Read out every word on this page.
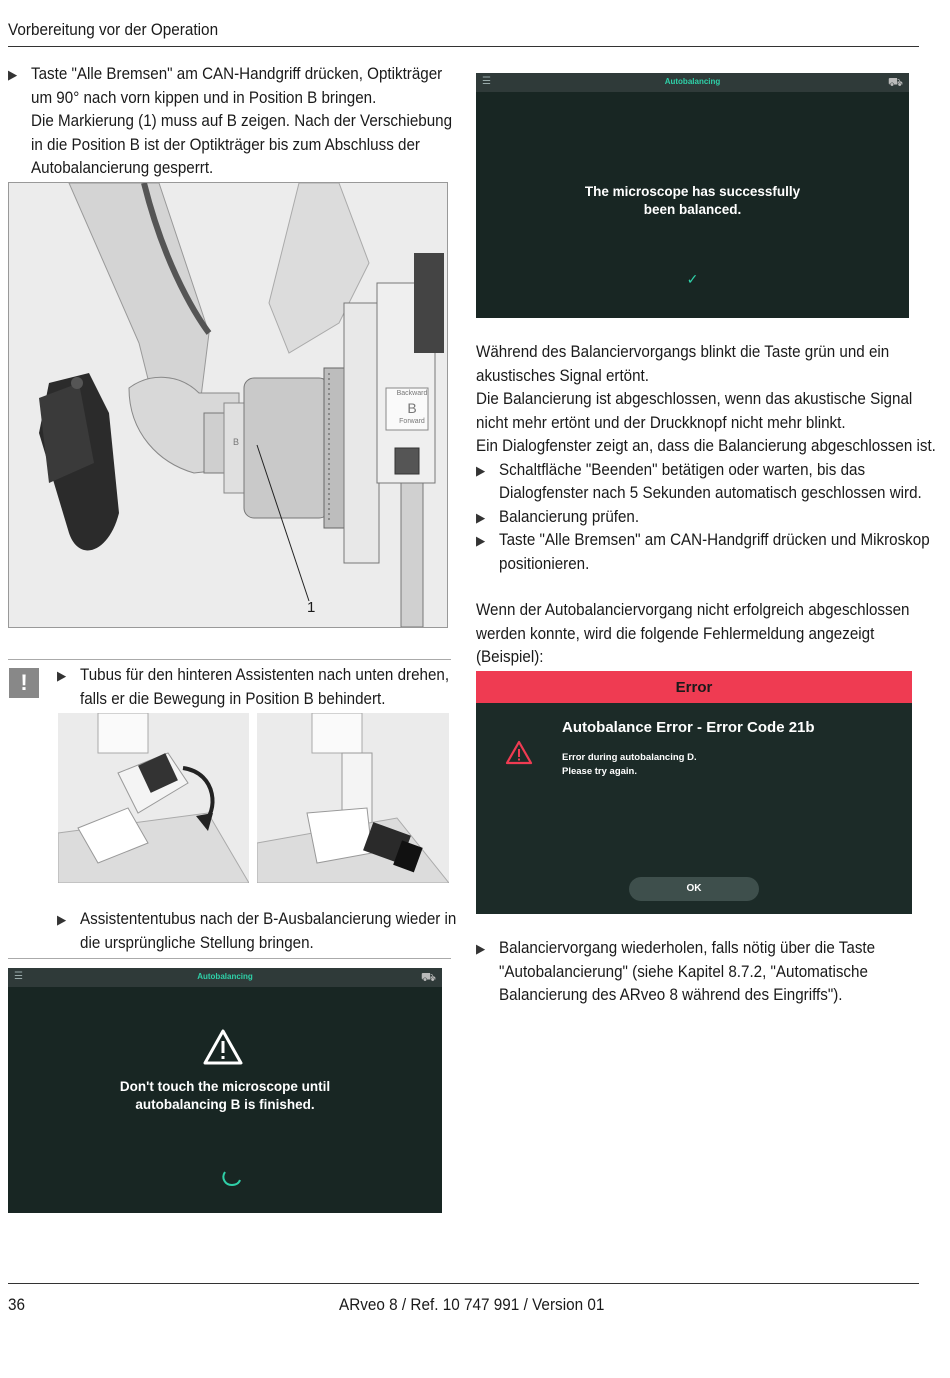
Vorbereitung vor der Operation
▶ Taste "Alle Bremsen" am CAN-Handgriff drücken, Optikträger
um 90° nach vorn kippen und in Position B bringen.
Die Markierung (1) muss auf B zeigen. Nach der Verschiebung
in die Position B ist der Optikträger bis zum Abschluss der
Autobalancierung gesperrt.
Backward
B
Forward
B
1
!	▶ Tubus für den hinteren Assistenten nach unten drehen,
falls er die Bewegung in Position B behindert.
▶ Assistententubus nach der B-Ausbalancierung wieder in
die ursprüngliche Stellung bringen.
☰	Autobalancing	⛟
Don't touch the microscope until
autobalancing B is finished.
☰	Autobalancing	⛟
The microscope has successfully
been balanced.
✓
Während des Balanciervorgangs blinkt die Taste grün und ein
akustisches Signal ertönt.
Die Balancierung ist abgeschlossen, wenn das akustische Signal
nicht mehr ertönt und der Druckknopf nicht mehr blinkt.
Ein Dialogfenster zeigt an, dass die Balancierung abgeschlossen ist.
▶ Schaltfläche "Beenden" betätigen oder warten, bis das
Dialogfenster nach 5 Sekunden automatisch geschlossen wird.
▶ Balancierung prüfen.
▶ Taste "Alle Bremsen" am CAN-Handgriff drücken und Mikroskop
positionieren.
Wenn der Autobalanciervorgang nicht erfolgreich abgeschlossen
werden konnte, wird die folgende Fehlermeldung angezeigt
(Beispiel):
Error
Autobalance Error - Error Code 21b
Error during autobalancing D.
Please try again.
OK
▶ Balanciervorgang wiederholen, falls nötig über die Taste
"Autobalancierung" (siehe Kapitel 8.7.2, "Automatische
Balancierung des ARveo 8 während des Eingriffs").
36	ARveo 8 / Ref. 10 747 991 / Version 01
